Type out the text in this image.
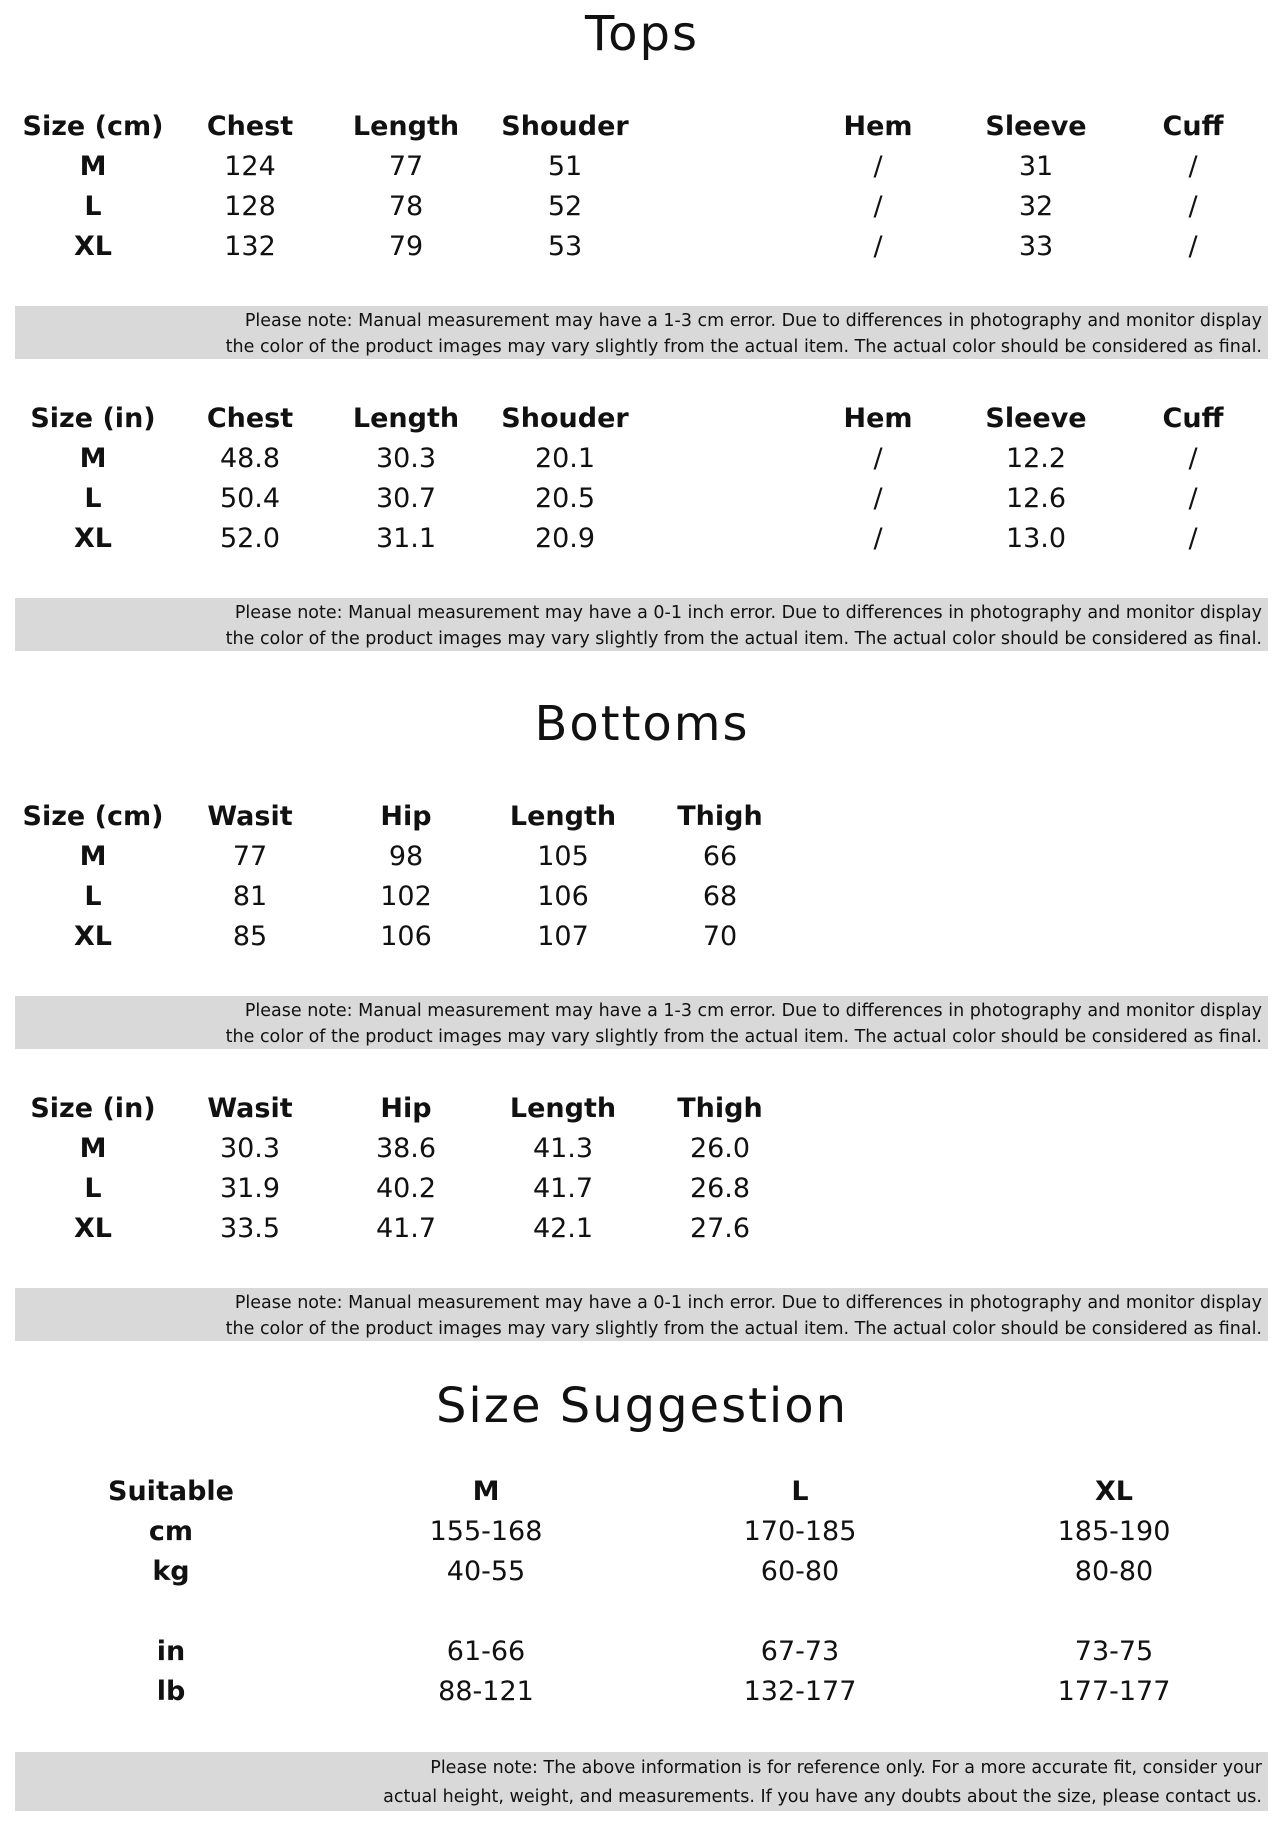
Tops
Size (cm)	Chest	Length	Shouder	Hem	Sleeve	Cuff
M	124	77	51	/	31	/
L	128	78	52	/	32	/
XL	132	79	53	/	33	/
Please note: Manual measurement may have a 1-3 cm error. Due to differences in photography and monitor display
the color of the product images may vary slightly from the actual item. The actual color should be considered as final.
Size (in)	Chest	Length	Shouder	Hem	Sleeve	Cuff
M	48.8	30.3	20.1	/	12.2	/
L	50.4	30.7	20.5	/	12.6	/
XL	52.0	31.1	20.9	/	13.0	/
Please note: Manual measurement may have a 0-1 inch error. Due to differences in photography and monitor display
the color of the product images may vary slightly from the actual item. The actual color should be considered as final.
Bottoms
Size (cm)	Wasit	Hip	Length	Thigh
M	77	98	105	66
L	81	102	106	68
XL	85	106	107	70
Please note: Manual measurement may have a 1-3 cm error. Due to differences in photography and monitor display
the color of the product images may vary slightly from the actual item. The actual color should be considered as final.
Size (in)	Wasit	Hip	Length	Thigh
M	30.3	38.6	41.3	26.0
L	31.9	40.2	41.7	26.8
XL	33.5	41.7	42.1	27.6
Please note: Manual measurement may have a 0-1 inch error. Due to differences in photography and monitor display
the color of the product images may vary slightly from the actual item. The actual color should be considered as final.
Size Suggestion
Suitable	M	L	XL
cm	155-168	170-185	185-190
kg	40-55	60-80	80-80
in	61-66	67-73	73-75
lb	88-121	132-177	177-177
Please note: The above information is for reference only. For a more accurate fit, consider your
actual height, weight, and measurements. If you have any doubts about the size, please contact us.
